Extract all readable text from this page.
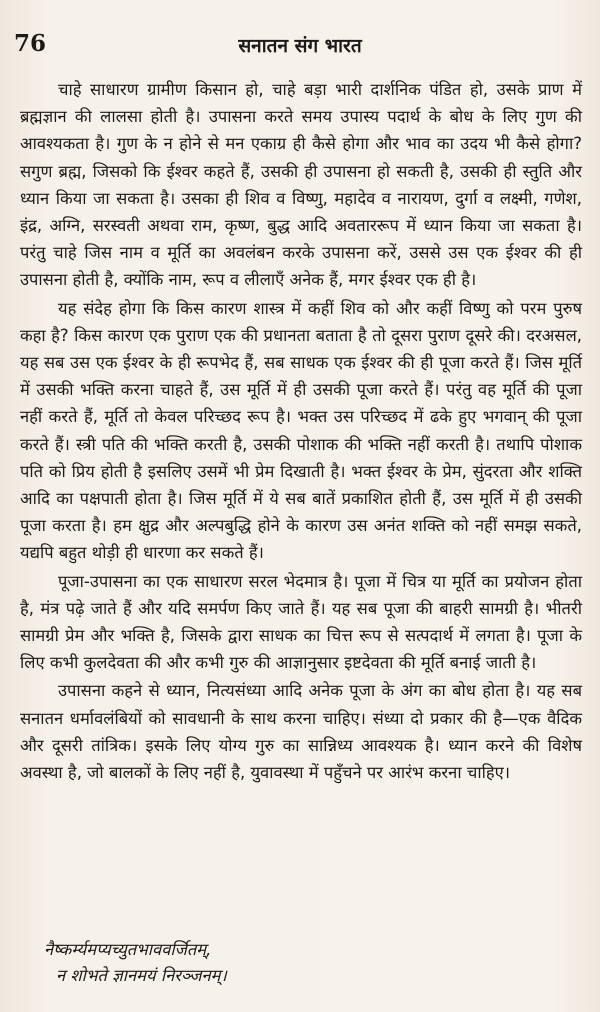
76	सनातन संग भारत

चाहे साधारण ग्रामीण किसान हो, चाहे बड़ा भारी दार्शनिक पंडित हो, उसके प्राण में ब्रह्मज्ञान की लालसा होती है। उपासना करते समय उपास्य पदार्थ के बोध के लिए गुण की आवश्यकता है। गुण के न होने से मन एकाग्र ही कैसे होगा और भाव का उदय भी कैसे होगा? सगुण ब्रह्म, जिसको कि ईश्वर कहते हैं, उसकी ही उपासना हो सकती है, उसकी ही स्तुति और ध्यान किया जा सकता है। उसका ही शिव व विष्णु, महादेव व नारायण, दुर्गा व लक्ष्मी, गणेश, इंद्र, अग्नि, सरस्वती अथवा राम, कृष्ण, बुद्ध आदि अवताररूप में ध्यान किया जा सकता है। परंतु चाहे जिस नाम व मूर्ति का अवलंबन करके उपासना करें, उससे उस एक ईश्वर की ही उपासना होती है, क्योंकि नाम, रूप व लीलाएँ अनेक हैं, मगर ईश्वर एक ही है।

यह संदेह होगा कि किस कारण शास्त्र में कहीं शिव को और कहीं विष्णु को परम पुरुष कहा है? किस कारण एक पुराण एक की प्रधानता बताता है तो दूसरा पुराण दूसरे की। दरअसल, यह सब उस एक ईश्वर के ही रूपभेद हैं, सब साधक एक ईश्वर की ही पूजा करते हैं। जिस मूर्ति में उसकी भक्ति करना चाहते हैं, उस मूर्ति में ही उसकी पूजा करते हैं। परंतु वह मूर्ति की पूजा नहीं करते हैं, मूर्ति तो केवल परिच्छद रूप है। भक्त उस परिच्छद में ढके हुए भगवान् की पूजा करते हैं। स्त्री पति की भक्ति करती है, उसकी पोशाक की भक्ति नहीं करती है। तथापि पोशाक पति को प्रिय होती है इसलिए उसमें भी प्रेम दिखाती है। भक्त ईश्वर के प्रेम, सुंदरता और शक्ति आदि का पक्षपाती होता है। जिस मूर्ति में ये सब बातें प्रकाशित होती हैं, उस मूर्ति में ही उसकी पूजा करता है। हम क्षुद्र और अल्पबुद्धि होने के कारण उस अनंत शक्ति को नहीं समझ सकते, यद्यपि बहुत थोड़ी ही धारणा कर सकते हैं।

पूजा-उपासना का एक साधारण सरल भेदमात्र है। पूजा में चित्र या मूर्ति का प्रयोजन होता है, मंत्र पढ़े जाते हैं और यदि समर्पण किए जाते हैं। यह सब पूजा की बाहरी सामग्री है। भीतरी सामग्री प्रेम और भक्ति है, जिसके द्वारा साधक का चित्त रूप से सत्पदार्थ में लगता है। पूजा के लिए कभी कुलदेवता की और कभी गुरु की आज्ञानुसार इष्टदेवता की मूर्ति बनाई जाती है।

उपासना कहने से ध्यान, नित्यसंध्या आदि अनेक पूजा के अंग का बोध होता है। यह सब सनातन धर्मावलंबियों को सावधानी के साथ करना चाहिए। संध्या दो प्रकार की है—एक वैदिक और दूसरी तांत्रिक। इसके लिए योग्य गुरु का सान्निध्य आवश्यक है। ध्यान करने की विशेष अवस्था है, जो बालकों के लिए नहीं है, युवावस्था में पहुँचने पर आरंभ करना चाहिए।

नैष्कर्म्यमप्यच्युतभाववर्जितम्,
न शोभते ज्ञानमयं निरञ्जनम्।
